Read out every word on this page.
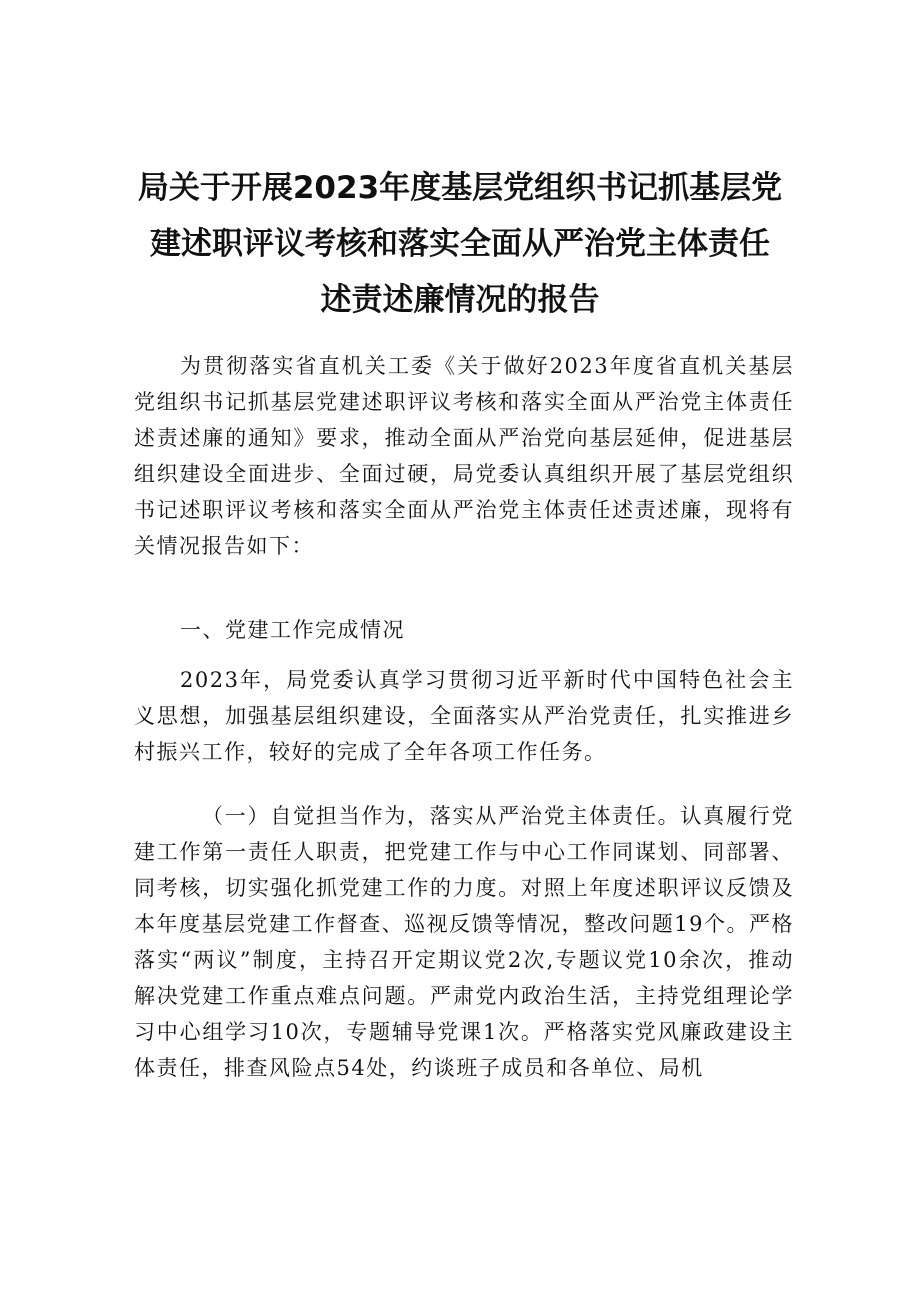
局关于开展2023年度基层党组织书记抓基层党
建述职评议考核和落实全面从严治党主体责任
述责述廉情况的报告
为贯彻落实省直机关工委《关于做好2023年度省直机关基层党组织书记抓基层党建述职评议考核和落实全面从严治党主体责任述责述廉的通知》要求，推动全面从严治党向基层延伸，促进基层组织建设全面进步、全面过硬，局党委认真组织开展了基层党组织书记述职评议考核和落实全面从严治党主体责任述责述廉，现将有关情况报告如下：
一、党建工作完成情况
2023年，局党委认真学习贯彻习近平新时代中国特色社会主义思想，加强基层组织建设，全面落实从严治党责任，扎实推进乡村振兴工作，较好的完成了全年各项工作任务。
（一）自觉担当作为，落实从严治党主体责任。认真履行党建工作第一责任人职责，把党建工作与中心工作同谋划、同部署、同考核，切实强化抓党建工作的力度。对照上年度述职评议反馈及本年度基层党建工作督查、巡视反馈等情况，整改问题19个。严格落实“两议”制度，主持召开定期议党2次,专题议党10余次，推动解决党建工作重点难点问题。严肃党内政治生活，主持党组理论学习中心组学习10次，专题辅导党课1次。严格落实党风廉政建设主体责任，排查风险点54处，约谈班子成员和各单位、局机
